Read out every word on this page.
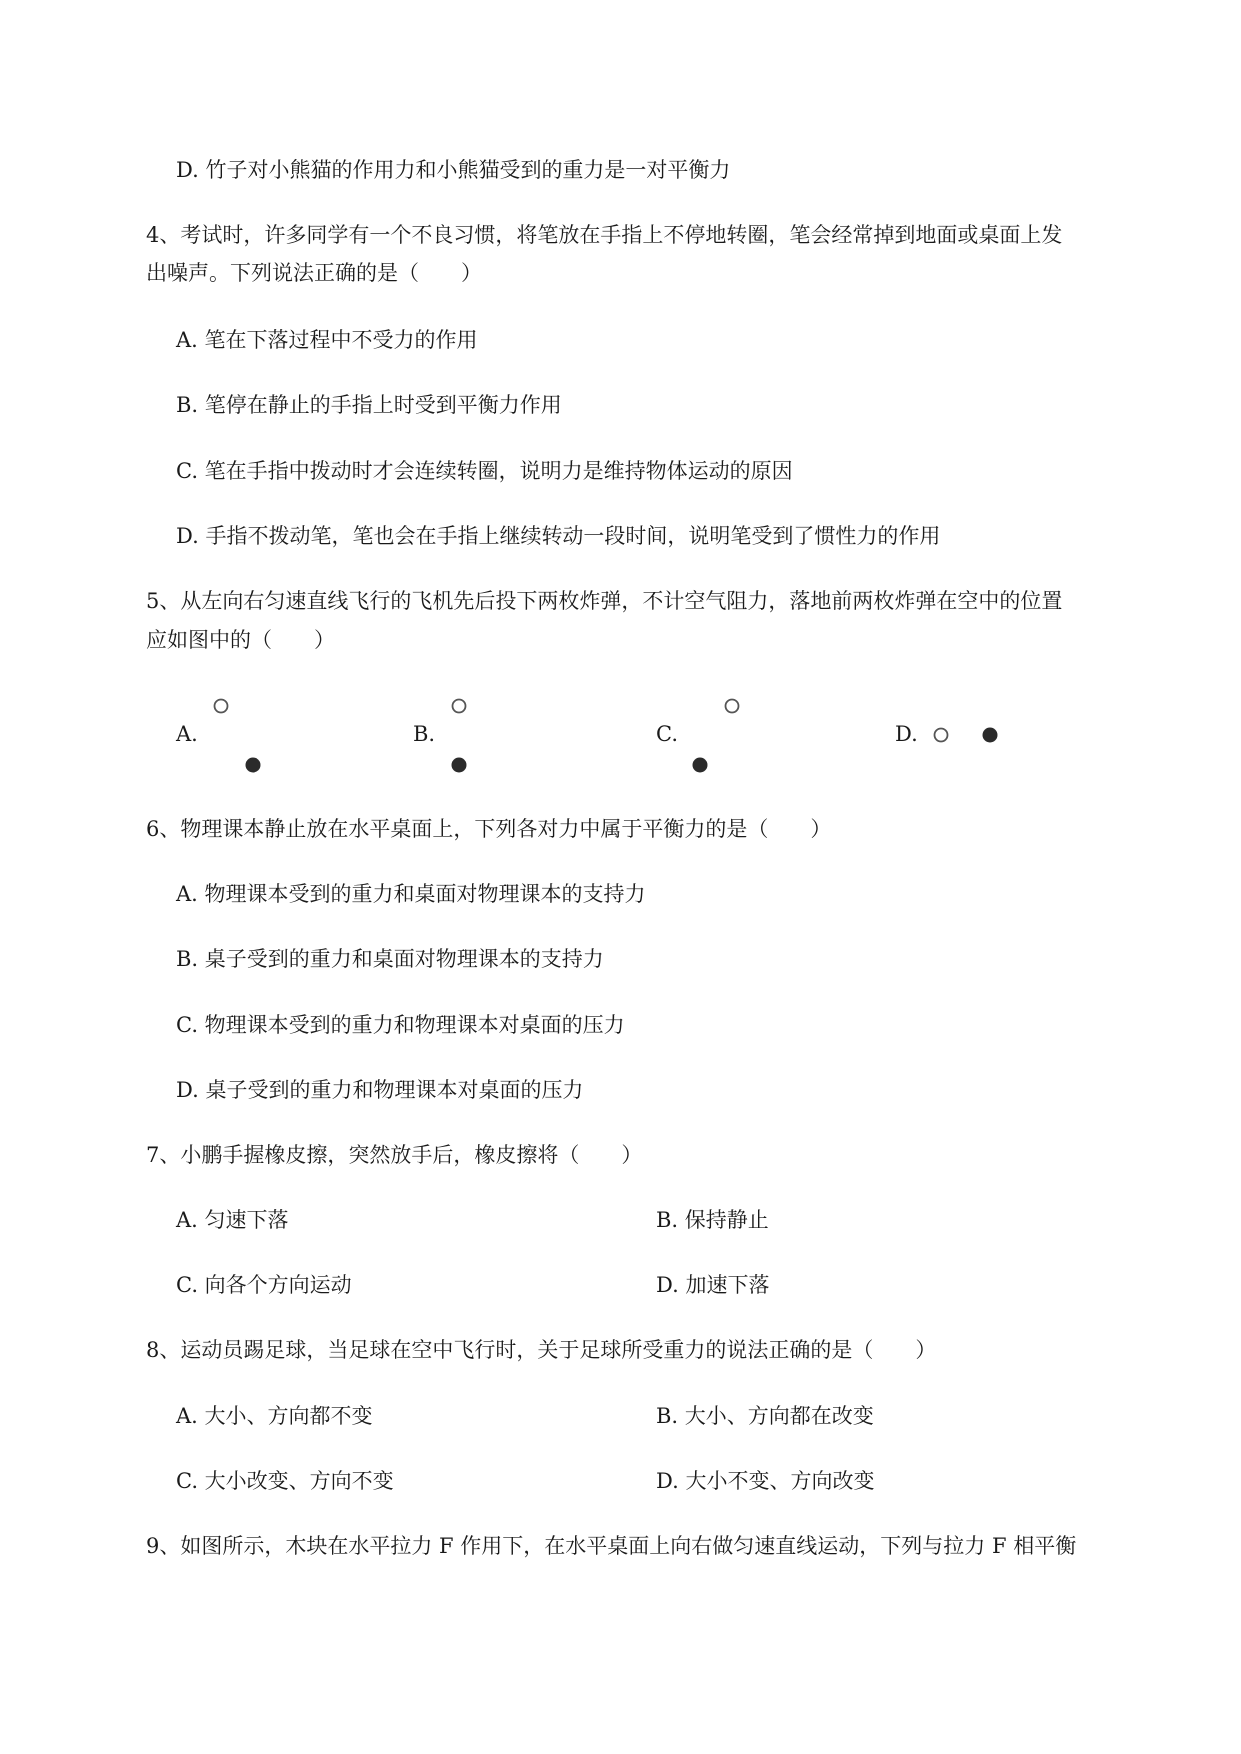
D. 竹子对小熊猫的作用力和小熊猫受到的重力是一对平衡力
4、考试时，许多同学有一个不良习惯，将笔放在手指上不停地转圈，笔会经常掉到地面或桌面上发
出噪声。下列说法正确的是（　　）
A. 笔在下落过程中不受力的作用
B. 笔停在静止的手指上时受到平衡力作用
C. 笔在手指中拨动时才会连续转圈，说明力是维持物体运动的原因
D. 手指不拨动笔，笔也会在手指上继续转动一段时间，说明笔受到了惯性力的作用
5、从左向右匀速直线飞行的飞机先后投下两枚炸弹，不计空气阻力，落地前两枚炸弹在空中的位置
应如图中的（　　）
A.	B.	C.	D.
6、物理课本静止放在水平桌面上，下列各对力中属于平衡力的是（　　）
A. 物理课本受到的重力和桌面对物理课本的支持力
B. 桌子受到的重力和桌面对物理课本的支持力
C. 物理课本受到的重力和物理课本对桌面的压力
D. 桌子受到的重力和物理课本对桌面的压力
7、小鹏手握橡皮擦，突然放手后，橡皮擦将（　　）
A. 匀速下落	B. 保持静止
C. 向各个方向运动	D. 加速下落
8、运动员踢足球，当足球在空中飞行时，关于足球所受重力的说法正确的是（　　）
A. 大小、方向都不变	B. 大小、方向都在改变
C. 大小改变、方向不变	D. 大小不变、方向改变
9、如图所示，木块在水平拉力 F 作用下，在水平桌面上向右做匀速直线运动，下列与拉力 F 相平衡
